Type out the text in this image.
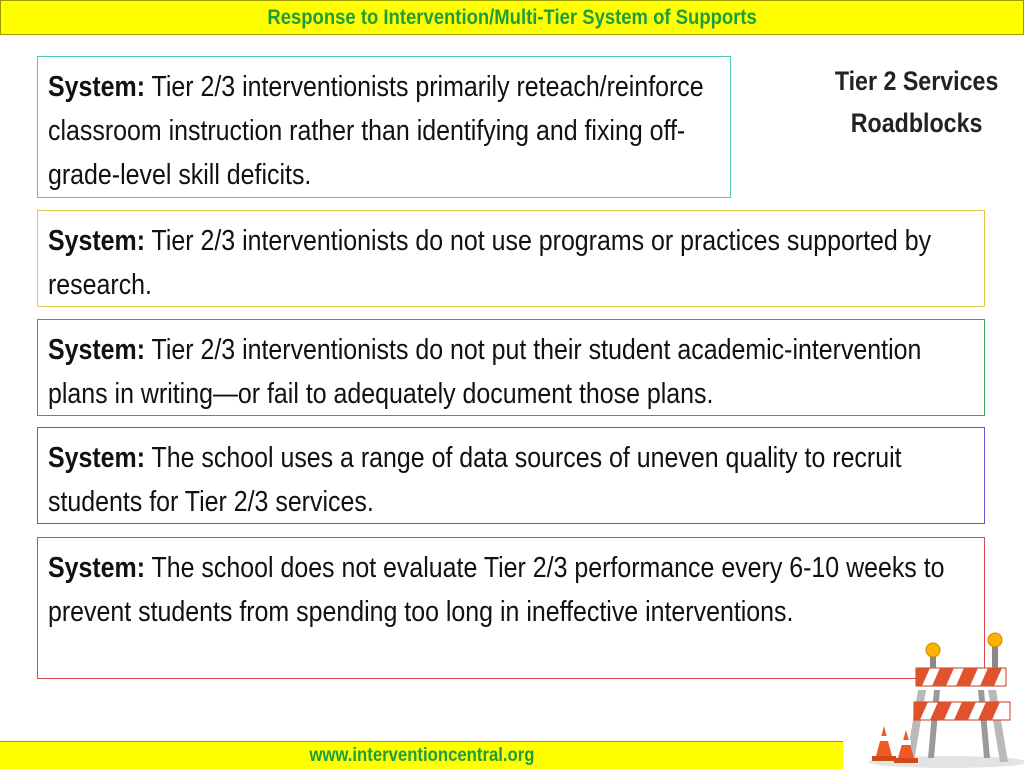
Response to Intervention/Multi-Tier System of Supports
Tier 2 Services
Roadblocks
System: Tier 2/3 interventionists primarily reteach/reinforce classroom instruction rather than identifying and fixing off-grade-level skill deficits.
System: Tier 2/3 interventionists do not use programs or practices supported by research.
System: Tier 2/3 interventionists do not put their student academic-intervention plans in writing—or fail to adequately document those plans.
System: The school uses a range of data sources of uneven quality to recruit students for Tier 2/3 services.
System: The school does not evaluate Tier 2/3 performance every 6-10 weeks to prevent students from spending too long in ineffective interventions.
www.interventioncentral.org
